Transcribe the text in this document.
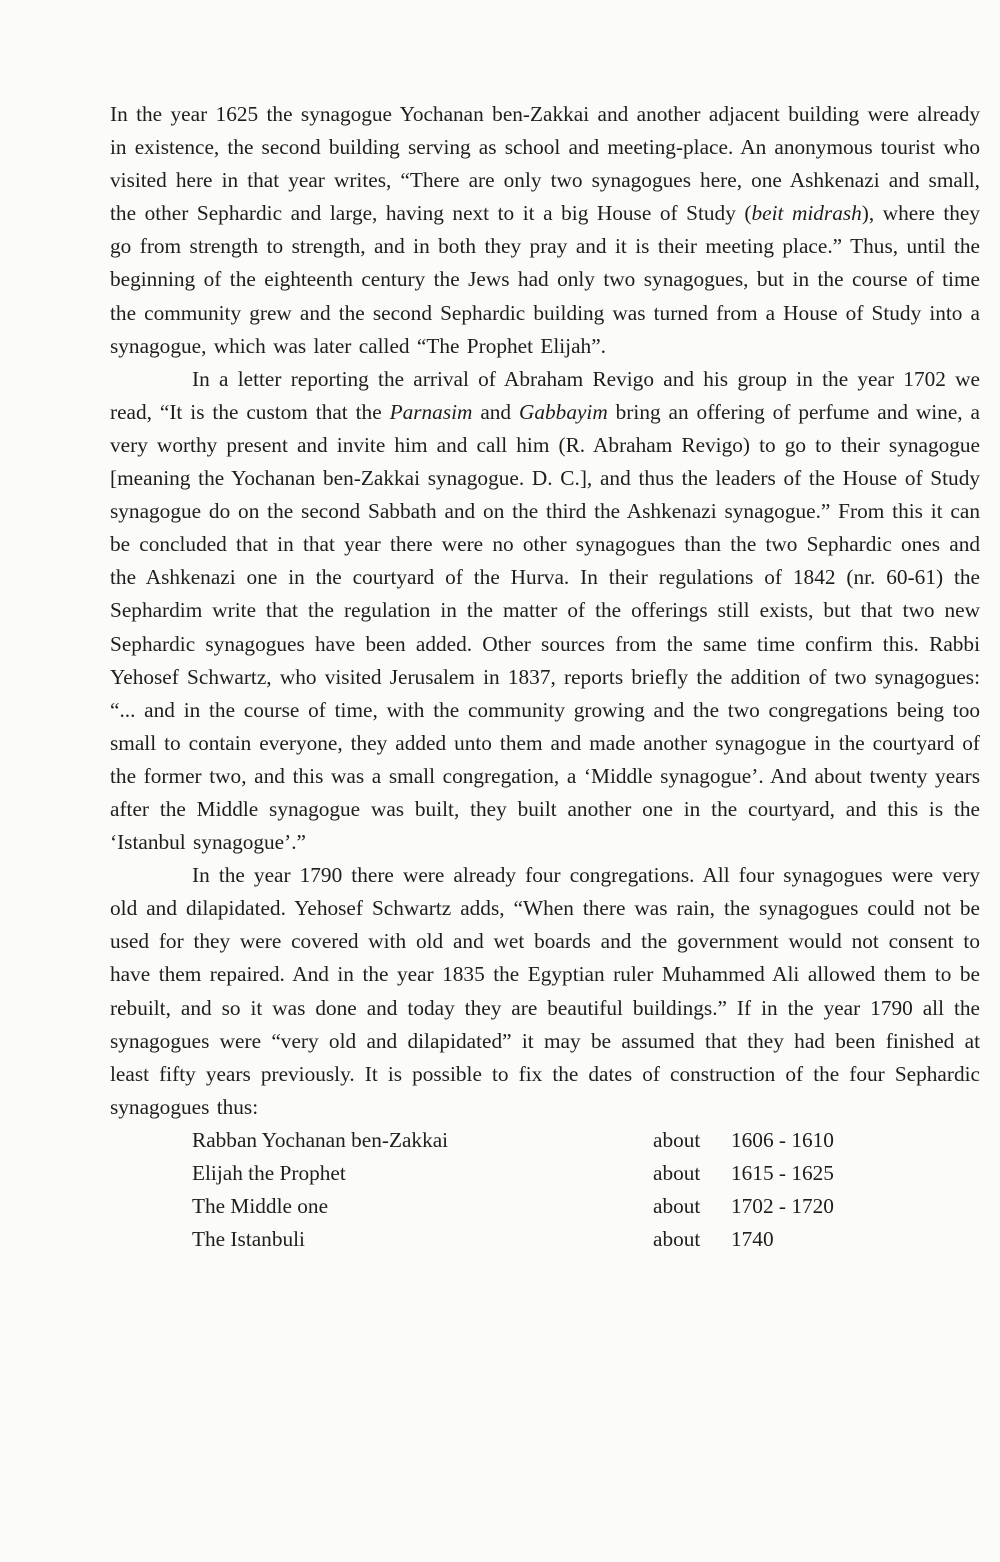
In the year 1625 the synagogue Yochanan ben-Zakkai and another adjacent building were already in existence, the second building serving as school and meeting-place. An anonymous tourist who visited here in that year writes, “There are only two synagogues here, one Ashkenazi and small, the other Sephardic and large, having next to it a big House of Study (beit midrash), where they go from strength to strength, and in both they pray and it is their meeting place.” Thus, until the beginning of the eighteenth century the Jews had only two synagogues, but in the course of time the community grew and the second Sephardic building was turned from a House of Study into a synagogue, which was later called “The Prophet Elijah”.

In a letter reporting the arrival of Abraham Revigo and his group in the year 1702 we read, “It is the custom that the Parnasim and Gabbayim bring an offering of perfume and wine, a very worthy present and invite him and call him (R. Abraham Revigo) to go to their synagogue [meaning the Yochanan ben-Zakkai synagogue. D. C.], and thus the leaders of the House of Study synagogue do on the second Sabbath and on the third the Ashkenazi synagogue.” From this it can be concluded that in that year there were no other synagogues than the two Sephardic ones and the Ashkenazi one in the courtyard of the Hurva. In their regulations of 1842 (nr. 60-61) the Sephardim write that the regulation in the matter of the offerings still exists, but that two new Sephardic synagogues have been added. Other sources from the same time confirm this. Rabbi Yehosef Schwartz, who visited Jerusalem in 1837, reports briefly the addition of two synagogues: “... and in the course of time, with the community growing and the two congregations being too small to contain everyone, they added unto them and made another synagogue in the courtyard of the former two, and this was a small congregation, a ‘Middle synagogue’. And about twenty years after the Middle synagogue was built, they built another one in the courtyard, and this is the ‘Istanbul synagogue’.”

In the year 1790 there were already four congregations. All four synagogues were very old and dilapidated. Yehosef Schwartz adds, “When there was rain, the synagogues could not be used for they were covered with old and wet boards and the government would not consent to have them repaired. And in the year 1835 the Egyptian ruler Muhammed Ali allowed them to be rebuilt, and so it was done and today they are beautiful buildings.” If in the year 1790 all the synagogues were “very old and dilapidated” it may be assumed that they had been finished at least fifty years previously. It is possible to fix the dates of construction of the four Sephardic synagogues thus:

Rabban Yochanan ben-Zakkai	about	1606 - 1610
Elijah the Prophet	about	1615 - 1625
The Middle one	about	1702 - 1720
The Istanbuli	about	1740
